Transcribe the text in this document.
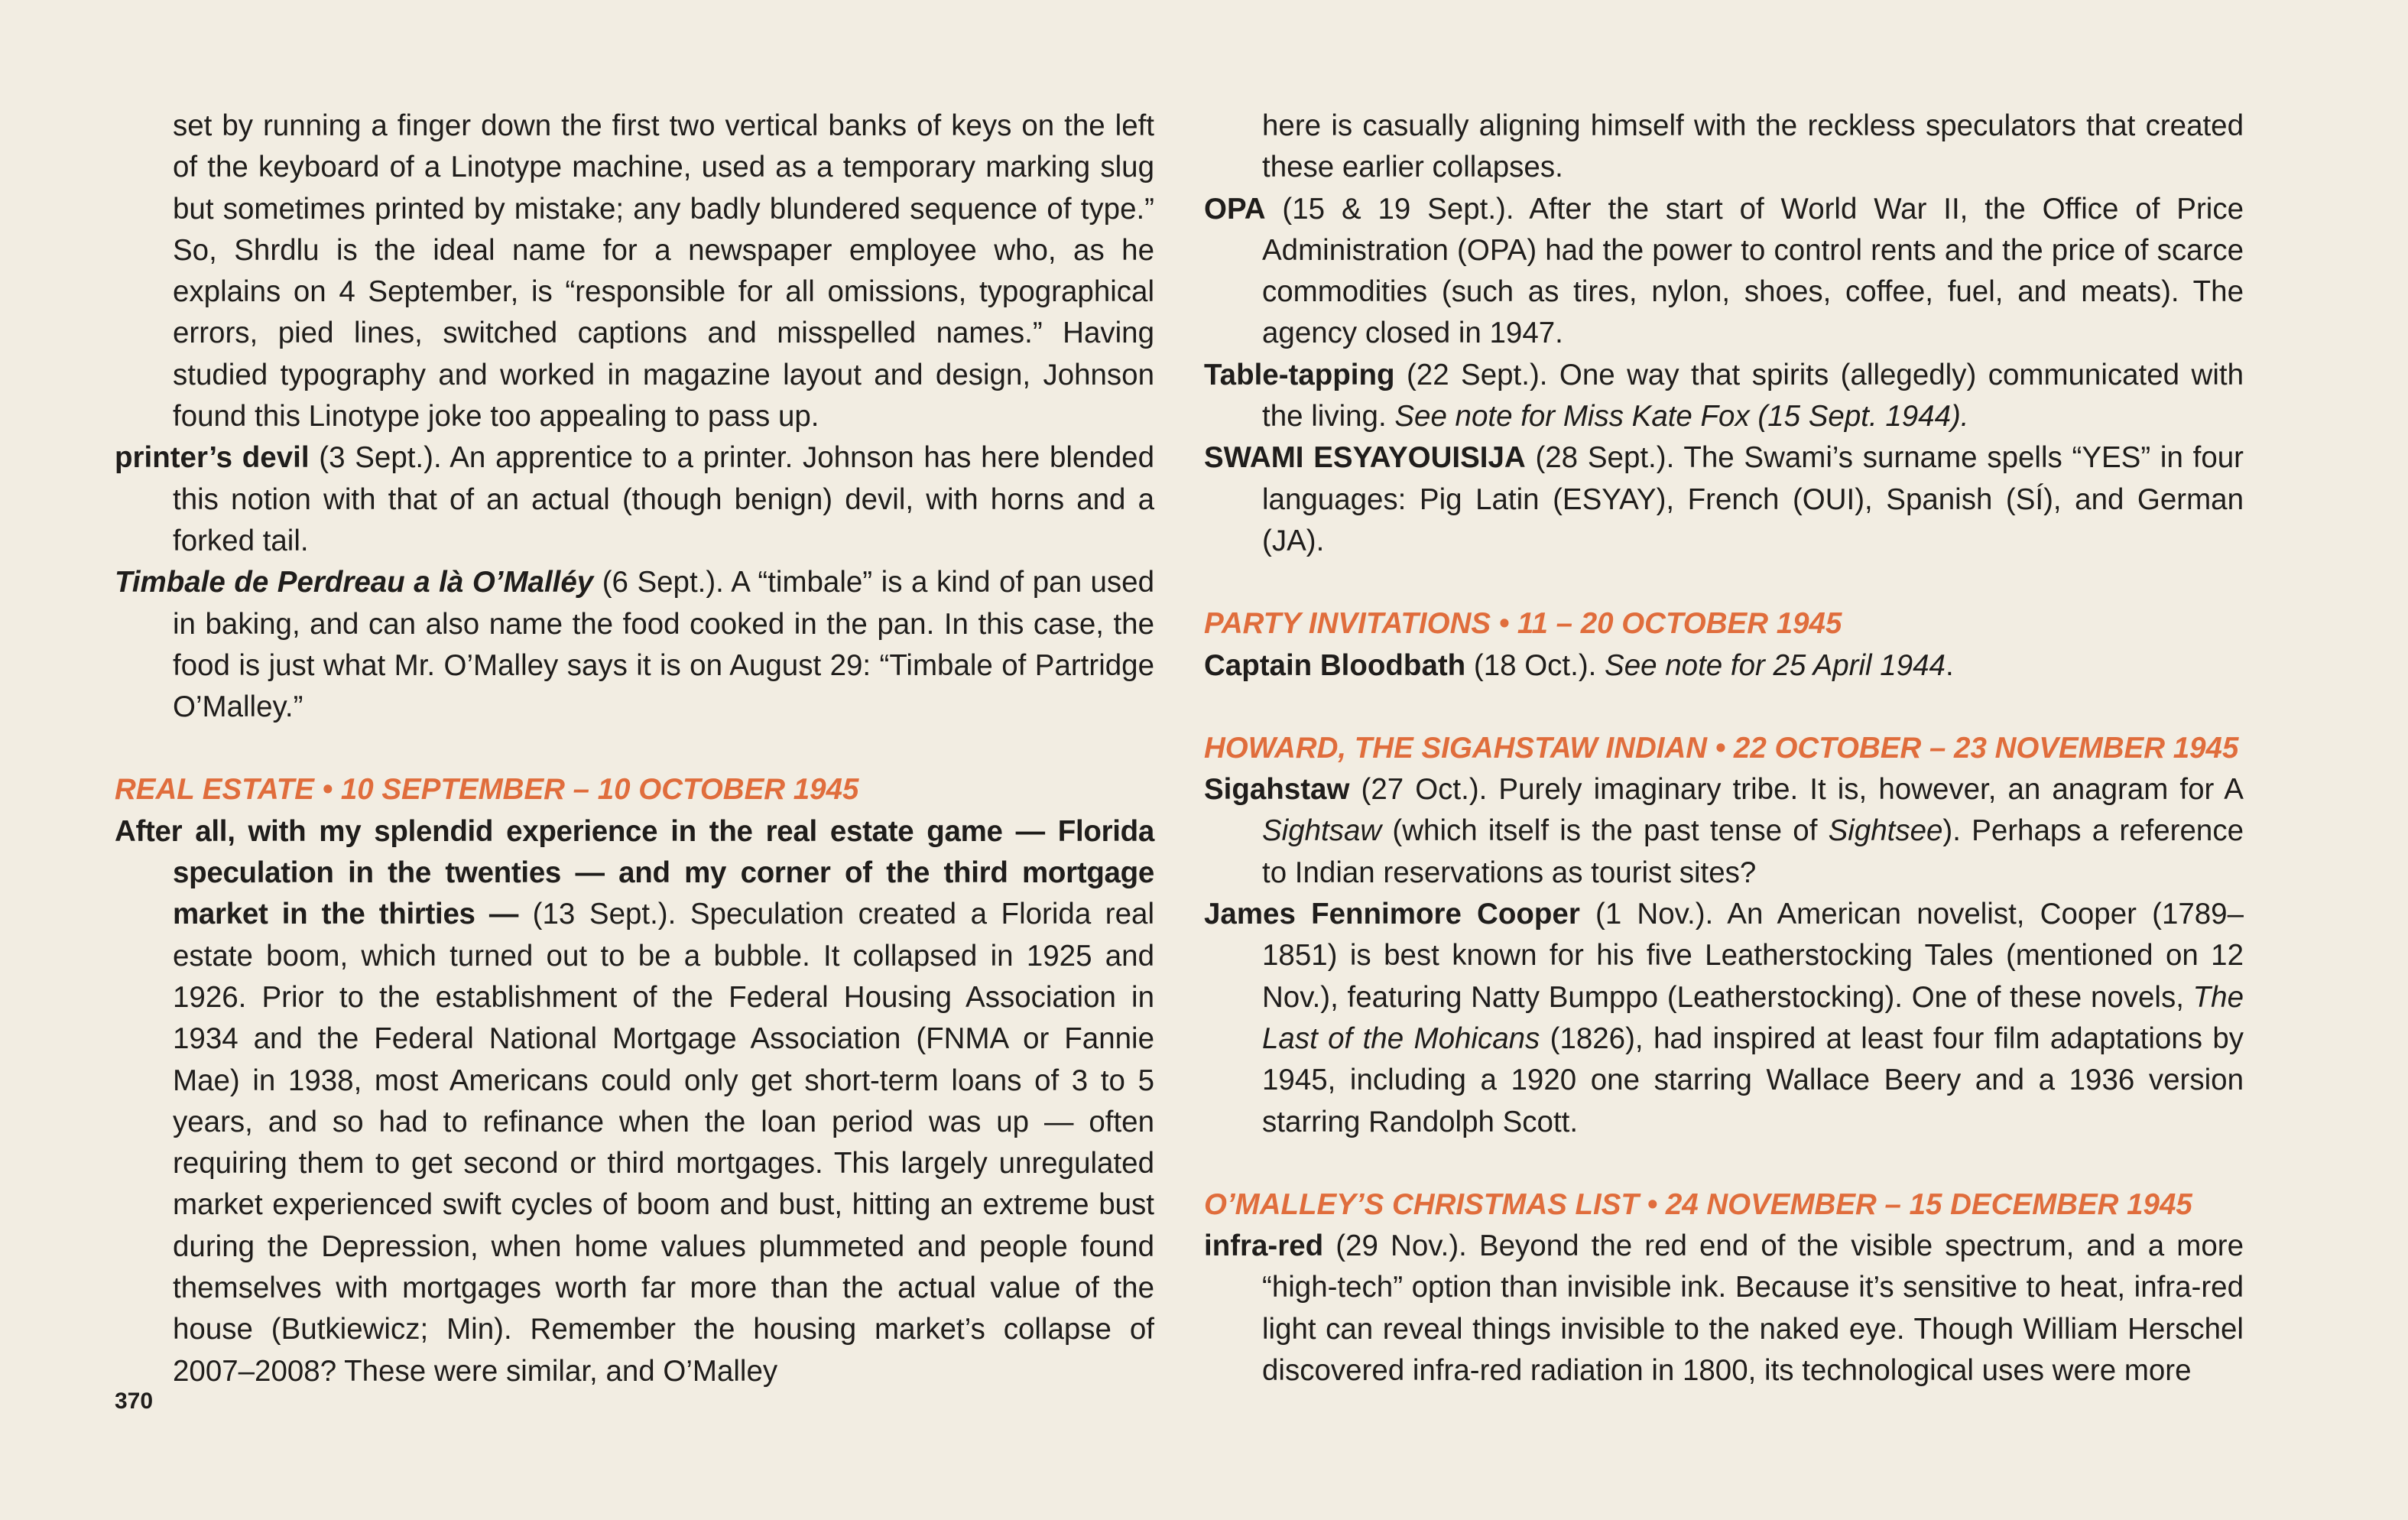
set by running a finger down the first two vertical banks of keys on the left of the keyboard of a Linotype machine, used as a temporary marking slug but sometimes printed by mistake; any badly blundered sequence of type.” So, Shrdlu is the ideal name for a newspaper employee who, as he explains on 4 September, is “responsible for all omissions, typographical errors, pied lines, switched captions and misspelled names.” Having studied typography and worked in magazine layout and design, Johnson found this Linotype joke too appealing to pass up.

printer’s devil (3 Sept.). An apprentice to a printer. Johnson has here blended this notion with that of an actual (though benign) devil, with horns and a forked tail.

Timbale de Perdreau a là O’Malléy (6 Sept.). A “timbale” is a kind of pan used in baking, and can also name the food cooked in the pan. In this case, the food is just what Mr. O’Malley says it is on August 29: “Timbale of Partridge O’Malley.”

REAL ESTATE • 10 SEPTEMBER – 10 OCTOBER 1945

After all, with my splendid experience in the real estate game — Florida speculation in the twenties — and my corner of the third mortgage market in the thirties — (13 Sept.). Speculation created a Florida real estate boom, which turned out to be a bubble. It collapsed in 1925 and 1926. Prior to the establishment of the Federal Housing Association in 1934 and the Federal National Mortgage Association (FNMA or Fannie Mae) in 1938, most Americans could only get short-term loans of 3 to 5 years, and so had to refinance when the loan period was up — often requiring them to get second or third mortgages. This largely unregulated market experienced swift cycles of boom and bust, hitting an extreme bust during the Depression, when home values plummeted and people found themselves with mortgages worth far more than the actual value of the house (Butkiewicz; Min). Remember the housing market’s collapse of 2007–2008? These were similar, and O’Malley

here is casually aligning himself with the reckless speculators that created these earlier collapses.

OPA (15 & 19 Sept.). After the start of World War II, the Office of Price Administration (OPA) had the power to control rents and the price of scarce commodities (such as tires, nylon, shoes, coffee, fuel, and meats). The agency closed in 1947.

Table-tapping (22 Sept.). One way that spirits (allegedly) communicated with the living. See note for Miss Kate Fox (15 Sept. 1944).

SWAMI ESYAYOUISIJA (28 Sept.). The Swami’s surname spells “YES” in four languages: Pig Latin (ESYAY), French (OUI), Spanish (SÍ), and German (JA).

PARTY INVITATIONS • 11 – 20 OCTOBER 1945

Captain Bloodbath (18 Oct.). See note for 25 April 1944.

HOWARD, THE SIGAHSTAW INDIAN • 22 OCTOBER – 23 NOVEMBER 1945

Sigahstaw (27 Oct.). Purely imaginary tribe. It is, however, an anagram for A Sightsaw (which itself is the past tense of Sightsee). Perhaps a reference to Indian reservations as tourist sites?

James Fennimore Cooper (1 Nov.). An American novelist, Cooper (1789–1851) is best known for his five Leatherstocking Tales (mentioned on 12 Nov.), featuring Natty Bumppo (Leatherstocking). One of these novels, The Last of the Mohicans (1826), had inspired at least four film adaptations by 1945, including a 1920 one starring Wallace Beery and a 1936 version starring Randolph Scott.

O’MALLEY’S CHRISTMAS LIST • 24 NOVEMBER – 15 DECEMBER 1945

infra-red (29 Nov.). Beyond the red end of the visible spectrum, and a more “high-tech” option than invisible ink. Because it’s sensitive to heat, infra-red light can reveal things invisible to the naked eye. Though William Herschel discovered infra-red radiation in 1800, its technological uses were more

370
